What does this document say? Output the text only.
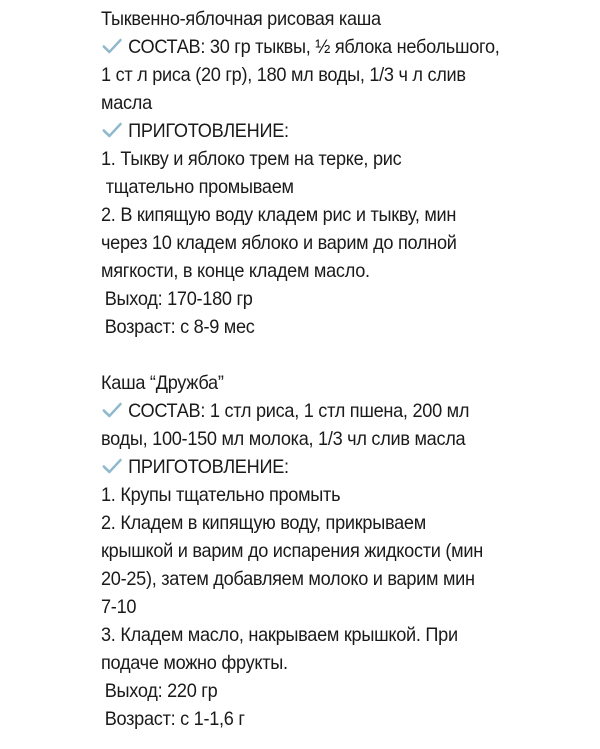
Тыквенно-яблочная рисовая каша
СОСТАВ: 30 гр тыквы, ½ яблока небольшого,
1 ст л риса (20 гр), 180 мл воды, 1/3 ч л слив
масла
ПРИГОТОВЛЕНИЕ:
1. Тыкву и яблоко трем на терке, рис
тщательно промываем
2. В кипящую воду кладем рис и тыкву, мин
через 10 кладем яблоко и варим до полной
мягкости, в конце кладем масло.
Выход: 170-180 гр
Возраст: с 8-9 мес
Каша “Дружба”
СОСТАВ: 1 стл риса, 1 стл пшена, 200 мл
воды, 100-150 мл молока, 1/3 чл слив масла
ПРИГОТОВЛЕНИЕ:
1. Крупы тщательно промыть
2. Кладем в кипящую воду, прикрываем
крышкой и варим до испарения жидкости (мин
20-25), затем добавляем молоко и варим мин
7-10
3. Кладем масло, накрываем крышкой. При
подаче можно фрукты.
Выход: 220 гр
Возраст: с 1-1,6 г
